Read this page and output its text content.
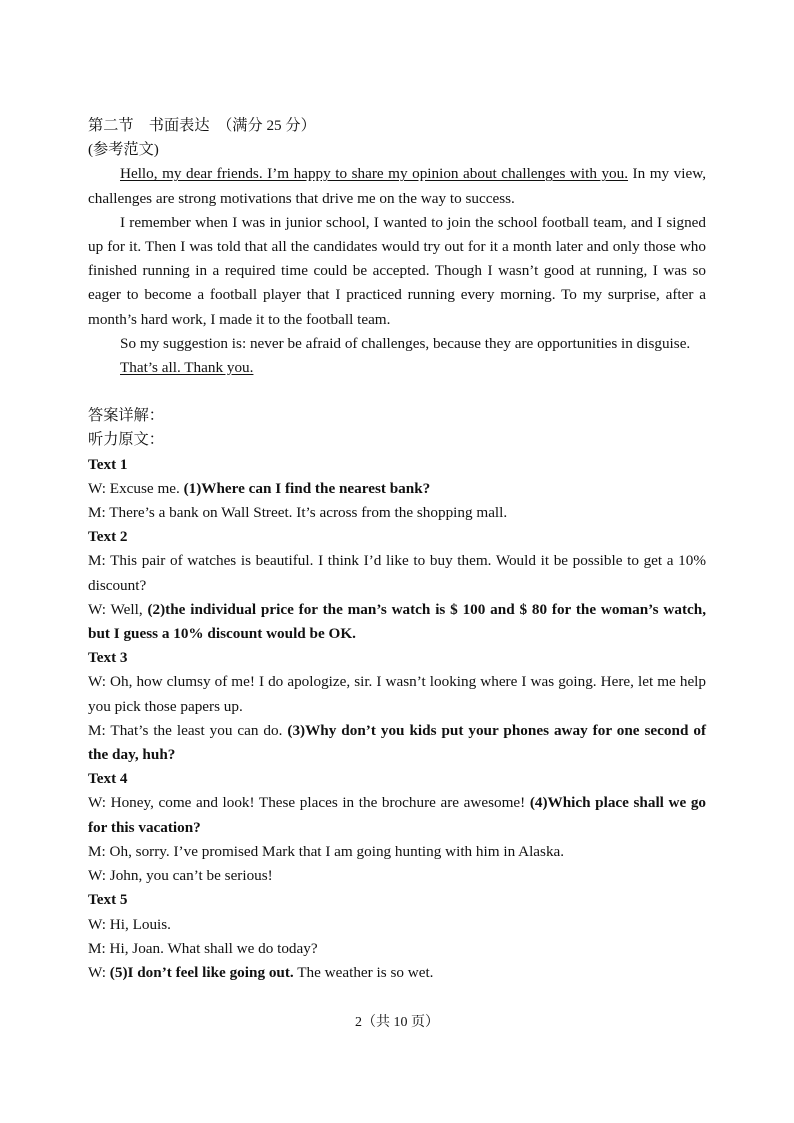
第二节　书面表达　（满分 25 分）

(参考范文)

Hello, my dear friends. I’m happy to share my opinion about challenges with you. In my view, challenges are strong motivations that drive me on the way to success.

I remember when I was in junior school, I wanted to join the school football team, and I signed up for it. Then I was told that all the candidates would try out for it a month later and only those who finished running in a required time could be accepted. Though I wasn’t good at running, I was so eager to become a football player that I practiced running every morning. To my surprise, after a month’s hard work, I made it to the football team.

So my suggestion is: never be afraid of challenges, because they are opportunities in disguise.

That’s all. Thank you.

答案详解：

听力原文：

Text 1

W: Excuse me. (1)Where can I find the nearest bank?

M: There’s a bank on Wall Street. It’s across from the shopping mall.

Text 2

M: This pair of watches is beautiful. I think I’d like to buy them. Would it be possible to get a 10% discount?

W: Well, (2)the individual price for the man’s watch is $ 100 and $ 80 for the woman’s watch, but I guess a 10% discount would be OK.

Text 3

W: Oh, how clumsy of me! I do apologize, sir. I wasn’t looking where I was going. Here, let me help you pick those papers up.

M: That’s the least you can do. (3)Why don’t you kids put your phones away for one second of the day, huh?

Text 4

W: Honey, come and look! These places in the brochure are awesome! (4)Which place shall we go for this vacation?

M: Oh, sorry. I’ve promised Mark that I am going hunting with him in Alaska.

W: John, you can’t be serious!

Text 5

W: Hi, Louis.

M: Hi, Joan. What shall we do today?

W: (5)I don’t feel like going out. The weather is so wet.

2（共 10 页）
